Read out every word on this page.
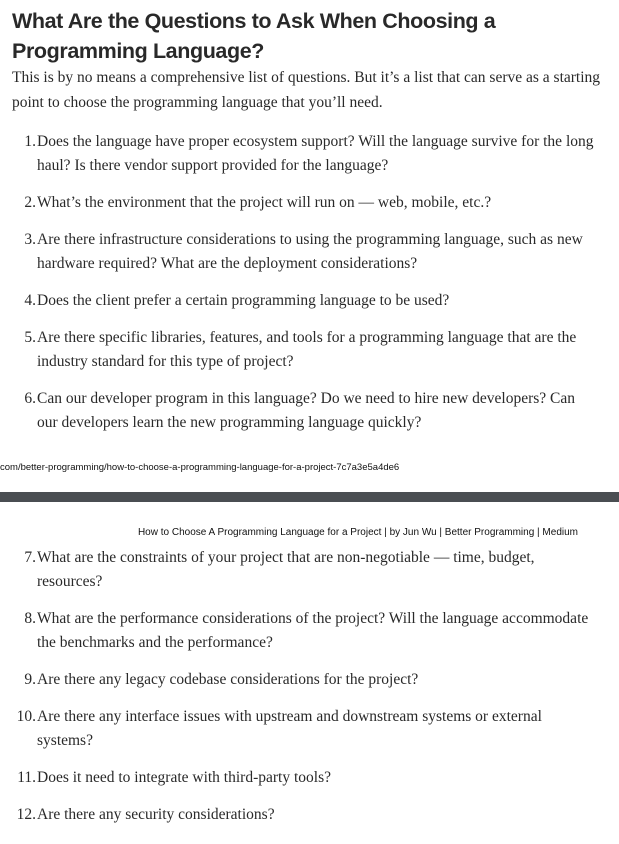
What Are the Questions to Ask When Choosing a Programming Language?

This is by no means a comprehensive list of questions. But it’s a list that can serve as a starting point to choose the programming language that you’ll need.

1. Does the language have proper ecosystem support? Will the language survive for the long haul? Is there vendor support provided for the language?
2. What’s the environment that the project will run on — web, mobile, etc.?
3. Are there infrastructure considerations to using the programming language, such as new hardware required? What are the deployment considerations?
4. Does the client prefer a certain programming language to be used?
5. Are there specific libraries, features, and tools for a programming language that are the industry standard for this type of project?
6. Can our developer program in this language? Do we need to hire new developers? Can our developers learn the new programming language quickly?

com/better-programming/how-to-choose-a-programming-language-for-a-project-7c7a3e5a4de6

How to Choose A Programming Language for a Project | by Jun Wu | Better Programming | Medium

7. What are the constraints of your project that are non-negotiable — time, budget, resources?
8. What are the performance considerations of the project? Will the language accommodate the benchmarks and the performance?
9. Are there any legacy codebase considerations for the project?
10. Are there any interface issues with upstream and downstream systems or external systems?
11. Does it need to integrate with third-party tools?
12. Are there any security considerations?
